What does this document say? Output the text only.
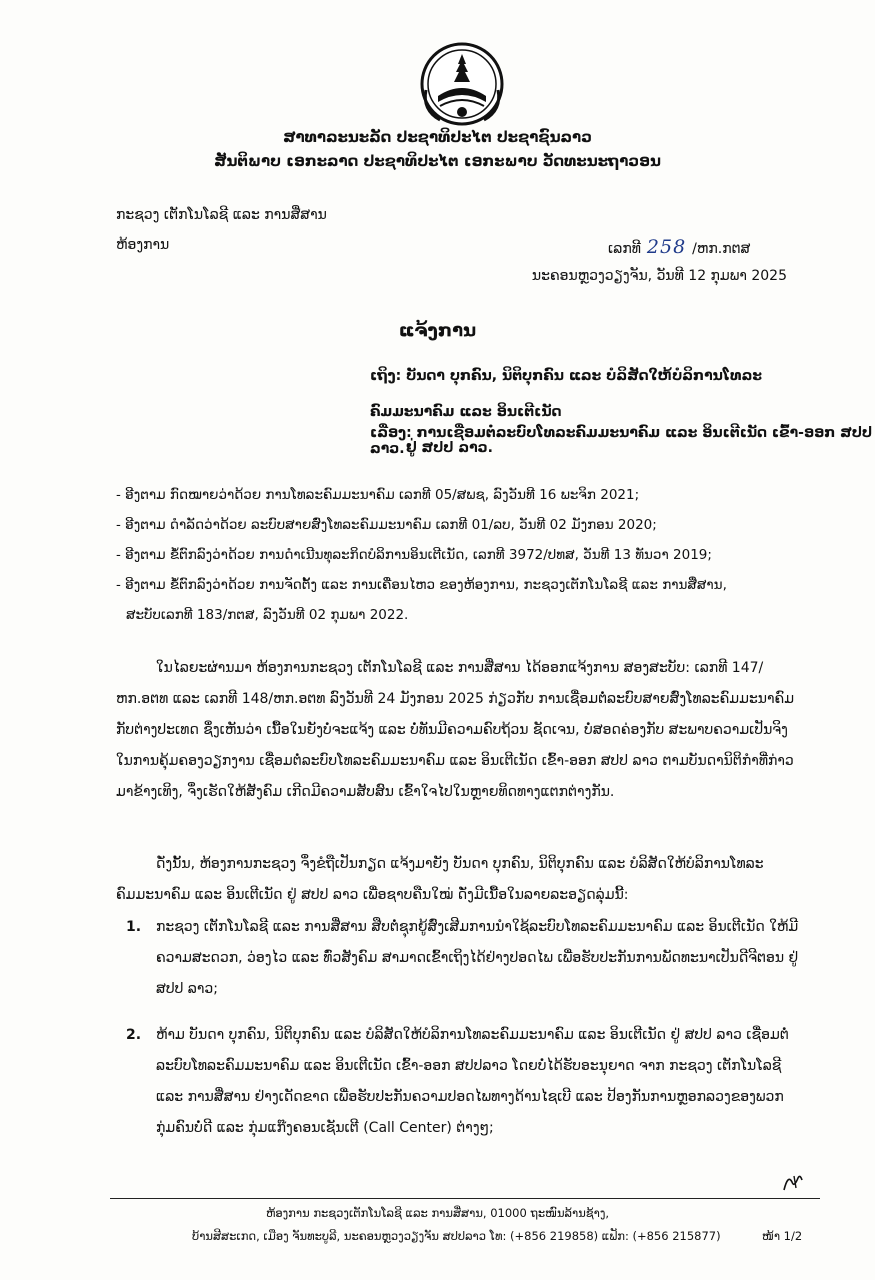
ສາທາລະນະລັດ ປະຊາທິປະໄຕ ປະຊາຊົນລາວ
ສັນຕິພາບ ເອກະລາດ ປະຊາທິປະໄຕ ເອກະພາບ ວັດທະນະຖາວອນ
ກະຊວງ ເຕັກໂນໂລຊີ ແລະ ການສື່ສານ
ຫ້ອງການ	ເລກທີ 258 /ຫກ.ກຕສ
ນະຄອນຫຼວງວຽງຈັນ, ວັນທີ 12 ກຸມພາ 2025
ແຈ້ງການ
ເຖິງ: ບັນດາ ບຸກຄົນ, ນິຕິບຸກຄົນ ແລະ ບໍລິສັດໃຫ້ບໍລິການໂທລະຄົມມະນາຄົມ ແລະ ອິນເຕີເນັດ
ຢູ່ ສປປ ລາວ.
ເລື່ອງ: ການເຊື່ອມຕໍ່ລະບົບໂທລະຄົມມະນາຄົມ ແລະ ອິນເຕີເນັດ ເຂົ້າ-ອອກ ສປປ ລາວ.
- ອີງຕາມ ກົດໝາຍວ່າດ້ວຍ ການໂທລະຄົມມະນາຄົມ ເລກທີ 05/ສພຊ, ລົງວັນທີ 16 ພະຈິກ 2021;
- ອີງຕາມ ດຳລັດວ່າດ້ວຍ ລະບົບສາຍສົ່ງໂທລະຄົມມະນາຄົມ ເລກທີ 01/ລບ, ວັນທີ 02 ມັງກອນ 2020;
- ອີງຕາມ ຂໍ້ຕົກລົງວ່າດ້ວຍ ການດຳເນີນທຸລະກິດບໍລິການອິນເຕີເນັດ, ເລກທີ 3972/ປທສ, ວັນທີ 13 ທັນວາ 2019;
- ອີງຕາມ ຂໍ້ຕົກລົງວ່າດ້ວຍ ການຈັດຕັ້ງ ແລະ ການເຄື່ອນໄຫວ ຂອງຫ້ອງການ, ກະຊວງເຕັກໂນໂລຊີ ແລະ ການສື່ສານ,
ສະບັບເລກທີ 183/ກຕສ, ລົງວັນທີ 02 ກຸມພາ 2022.

ໃນໄລຍະຜ່ານມາ ຫ້ອງການກະຊວງ ເຕັກໂນໂລຊີ ແລະ ການສື່ສານ ໄດ້ອອກແຈ້ງການ ສອງສະບັບ: ເລກທີ 147/ຫກ.ອຕທ ແລະ ເລກທີ 148/ຫກ.ອຕທ ລົງວັນທີ 24 ມັງກອນ 2025 ກ່ຽວກັບ ການເຊື່ອມຕໍ່ລະບົບສາຍສົ່ງໂທລະຄົມມະນາຄົມ ກັບຕ່າງປະເທດ ຊຶ່ງເຫັນວ່າ ເນື້ອໃນຍັງບໍ່ຈະແຈ້ງ ແລະ ບໍ່ທັນມີຄວາມຄົບຖ້ວນ ຊັດເຈນ, ບໍ່ສອດຄ່ອງກັບ ສະພາບຄວາມເປັນຈິງ ໃນການຄຸ້ມຄອງວຽກງານ ເຊື່ອມຕໍ່ລະບົບໂທລະຄົມມະນາຄົມ ແລະ ອິນເຕີເນັດ ເຂົ້າ-ອອກ ສປປ ລາວ ຕາມບັນດານິຕິກຳທີ່ກ່າວມາຂ້າງເທິງ, ຈຶ່ງເຮັດໃຫ້ສັງຄົມ ເກີດມີຄວາມສັບສົນ ເຂົ້າໃຈໄປໃນຫຼາຍທິດທາງແຕກຕ່າງກັນ.

ດັ່ງນັ້ນ, ຫ້ອງການກະຊວງ ຈຶ່ງຂໍຖືເປັນກຽດ ແຈ້ງມາຍັງ ບັນດາ ບຸກຄົນ, ນິຕິບຸກຄົນ ແລະ ບໍລິສັດໃຫ້ບໍລິການໂທລະຄົມມະນາຄົມ ແລະ ອິນເຕີເນັດ ຢູ່ ສປປ ລາວ ເພື່ອຊາບຄືນໃໝ່ ດັ່ງມີເນື້ອໃນລາຍລະອຽດລຸ່ມນີ້:

1.	ກະຊວງ ເຕັກໂນໂລຊີ ແລະ ການສື່ສານ ສືບຕໍ່ຊຸກຍູ້ສົ່ງເສີມການນຳໃຊ້ລະບົບໂທລະຄົມມະນາຄົມ ແລະ ອິນເຕີເນັດ ໃຫ້ມີຄວາມສະດວກ, ວ່ອງໄວ ແລະ ທົ່ວສັງຄົມ ສາມາດເຂົ້າເຖິງໄດ້ຢ່າງປອດໄພ ເພື່ອຮັບປະກັນການພັດທະນາເປັນດີຈີຕອນ ຢູ່ ສປປ ລາວ;
2.	ຫ້າມ ບັນດາ ບຸກຄົນ, ນິຕິບຸກຄົນ ແລະ ບໍລິສັດໃຫ້ບໍລິການໂທລະຄົມມະນາຄົມ ແລະ ອິນເຕີເນັດ ຢູ່ ສປປ ລາວ ເຊື່ອມຕໍ່ລະບົບໂທລະຄົມມະນາຄົມ ແລະ ອິນເຕີເນັດ ເຂົ້າ-ອອກ ສປປລາວ ໂດຍບໍ່ໄດ້ຮັບອະນຸຍາດ ຈາກ ກະຊວງ ເຕັກໂນໂລຊີ ແລະ ການສື່ສານ ຢ່າງເດັດຂາດ ເພື່ອຮັບປະກັນຄວາມປອດໄພທາງດ້ານໄຊເບີ ແລະ ປ້ອງກັນການຫຼອກລວງຂອງພວກກຸ່ມຄົນບໍ່ດີ ແລະ ກຸ່ມແກ໊ງຄອນເຊັນເຕີ (Call Center) ຕ່າງໆ;
ຫ້ອງການ ກະຊວງເຕັກໂນໂລຊີ ແລະ ການສື່ສານ, 01000 ຖະໜົນລ້ານຊ້າງ,
ບ້ານສີສະເກດ, ເມືອງ ຈັນທະບູລີ, ນະຄອນຫຼວງວຽງຈັນ ສປປລາວ ໂທ: (+856 219858) ແຟັກ: (+856 215877)	ໜ້າ 1/2
